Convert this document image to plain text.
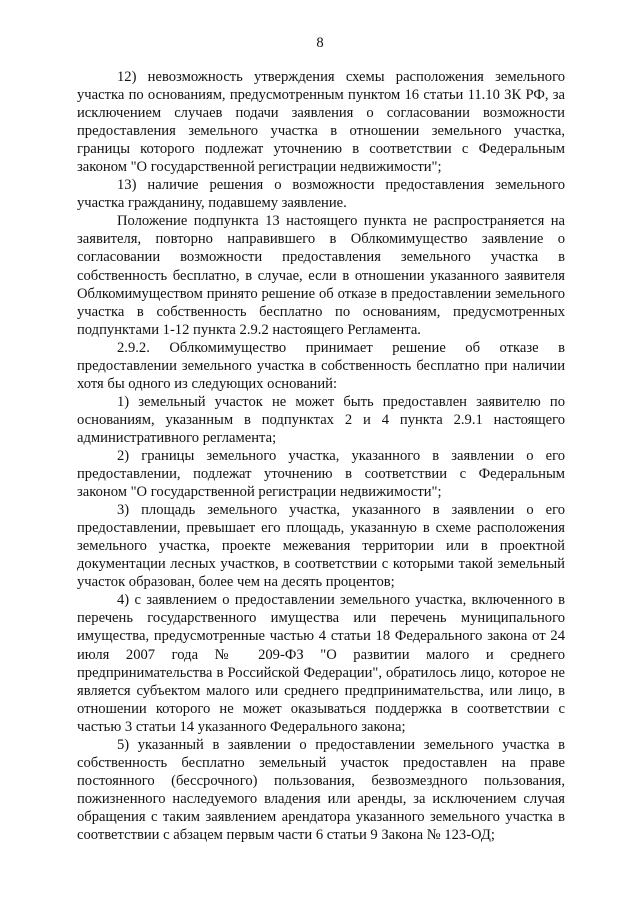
8

12) невозможность утверждения схемы расположения земельного участка по основаниям, предусмотренным пунктом 16 статьи 11.10 ЗК РФ, за исключением случаев подачи заявления о согласовании возможности предоставления земельного участка в отношении земельного участка, границы которого подлежат уточнению в соответствии с Федеральным законом "О государственной регистрации недвижимости";

13) наличие решения о возможности предоставления земельного участка гражданину, подавшему заявление.

Положение подпункта 13 настоящего пункта не распространяется на заявителя, повторно направившего в Облкомимущество заявление о согласовании возможности предоставления земельного участка в собственность бесплатно, в случае, если в отношении указанного заявителя Облкомимуществом принято решение об отказе в предоставлении земельного участка в собственность бесплатно по основаниям, предусмотренных подпунктами 1-12 пункта 2.9.2 настоящего Регламента.

2.9.2. Облкомимущество принимает решение об отказе в предоставлении земельного участка в собственность бесплатно при наличии хотя бы одного из следующих оснований:

1) земельный участок не может быть предоставлен заявителю по основаниям, указанным в подпунктах 2 и 4 пункта 2.9.1 настоящего административного регламента;

2) границы земельного участка, указанного в заявлении о его предоставлении, подлежат уточнению в соответствии с Федеральным законом "О государственной регистрации недвижимости";

3) площадь земельного участка, указанного в заявлении о его предоставлении, превышает его площадь, указанную в схеме расположения земельного участка, проекте межевания территории или в проектной документации лесных участков, в соответствии с которыми такой земельный участок образован, более чем на десять процентов;

4) с заявлением о предоставлении земельного участка, включенного в перечень государственного имущества или перечень муниципального имущества, предусмотренные частью 4 статьи 18 Федерального закона от 24 июля 2007 года № 209-ФЗ "О развитии малого и среднего предпринимательства в Российской Федерации", обратилось лицо, которое не является субъектом малого или среднего предпринимательства, или лицо, в отношении которого не может оказываться поддержка в соответствии с частью 3 статьи 14 указанного Федерального закона;

5) указанный в заявлении о предоставлении земельного участка в собственность бесплатно земельный участок предоставлен на праве постоянного (бессрочного) пользования, безвозмездного пользования, пожизненного наследуемого владения или аренды, за исключением случая обращения с таким заявлением арендатора указанного земельного участка в соответствии с абзацем первым части 6 статьи 9 Закона № 123-ОД;
